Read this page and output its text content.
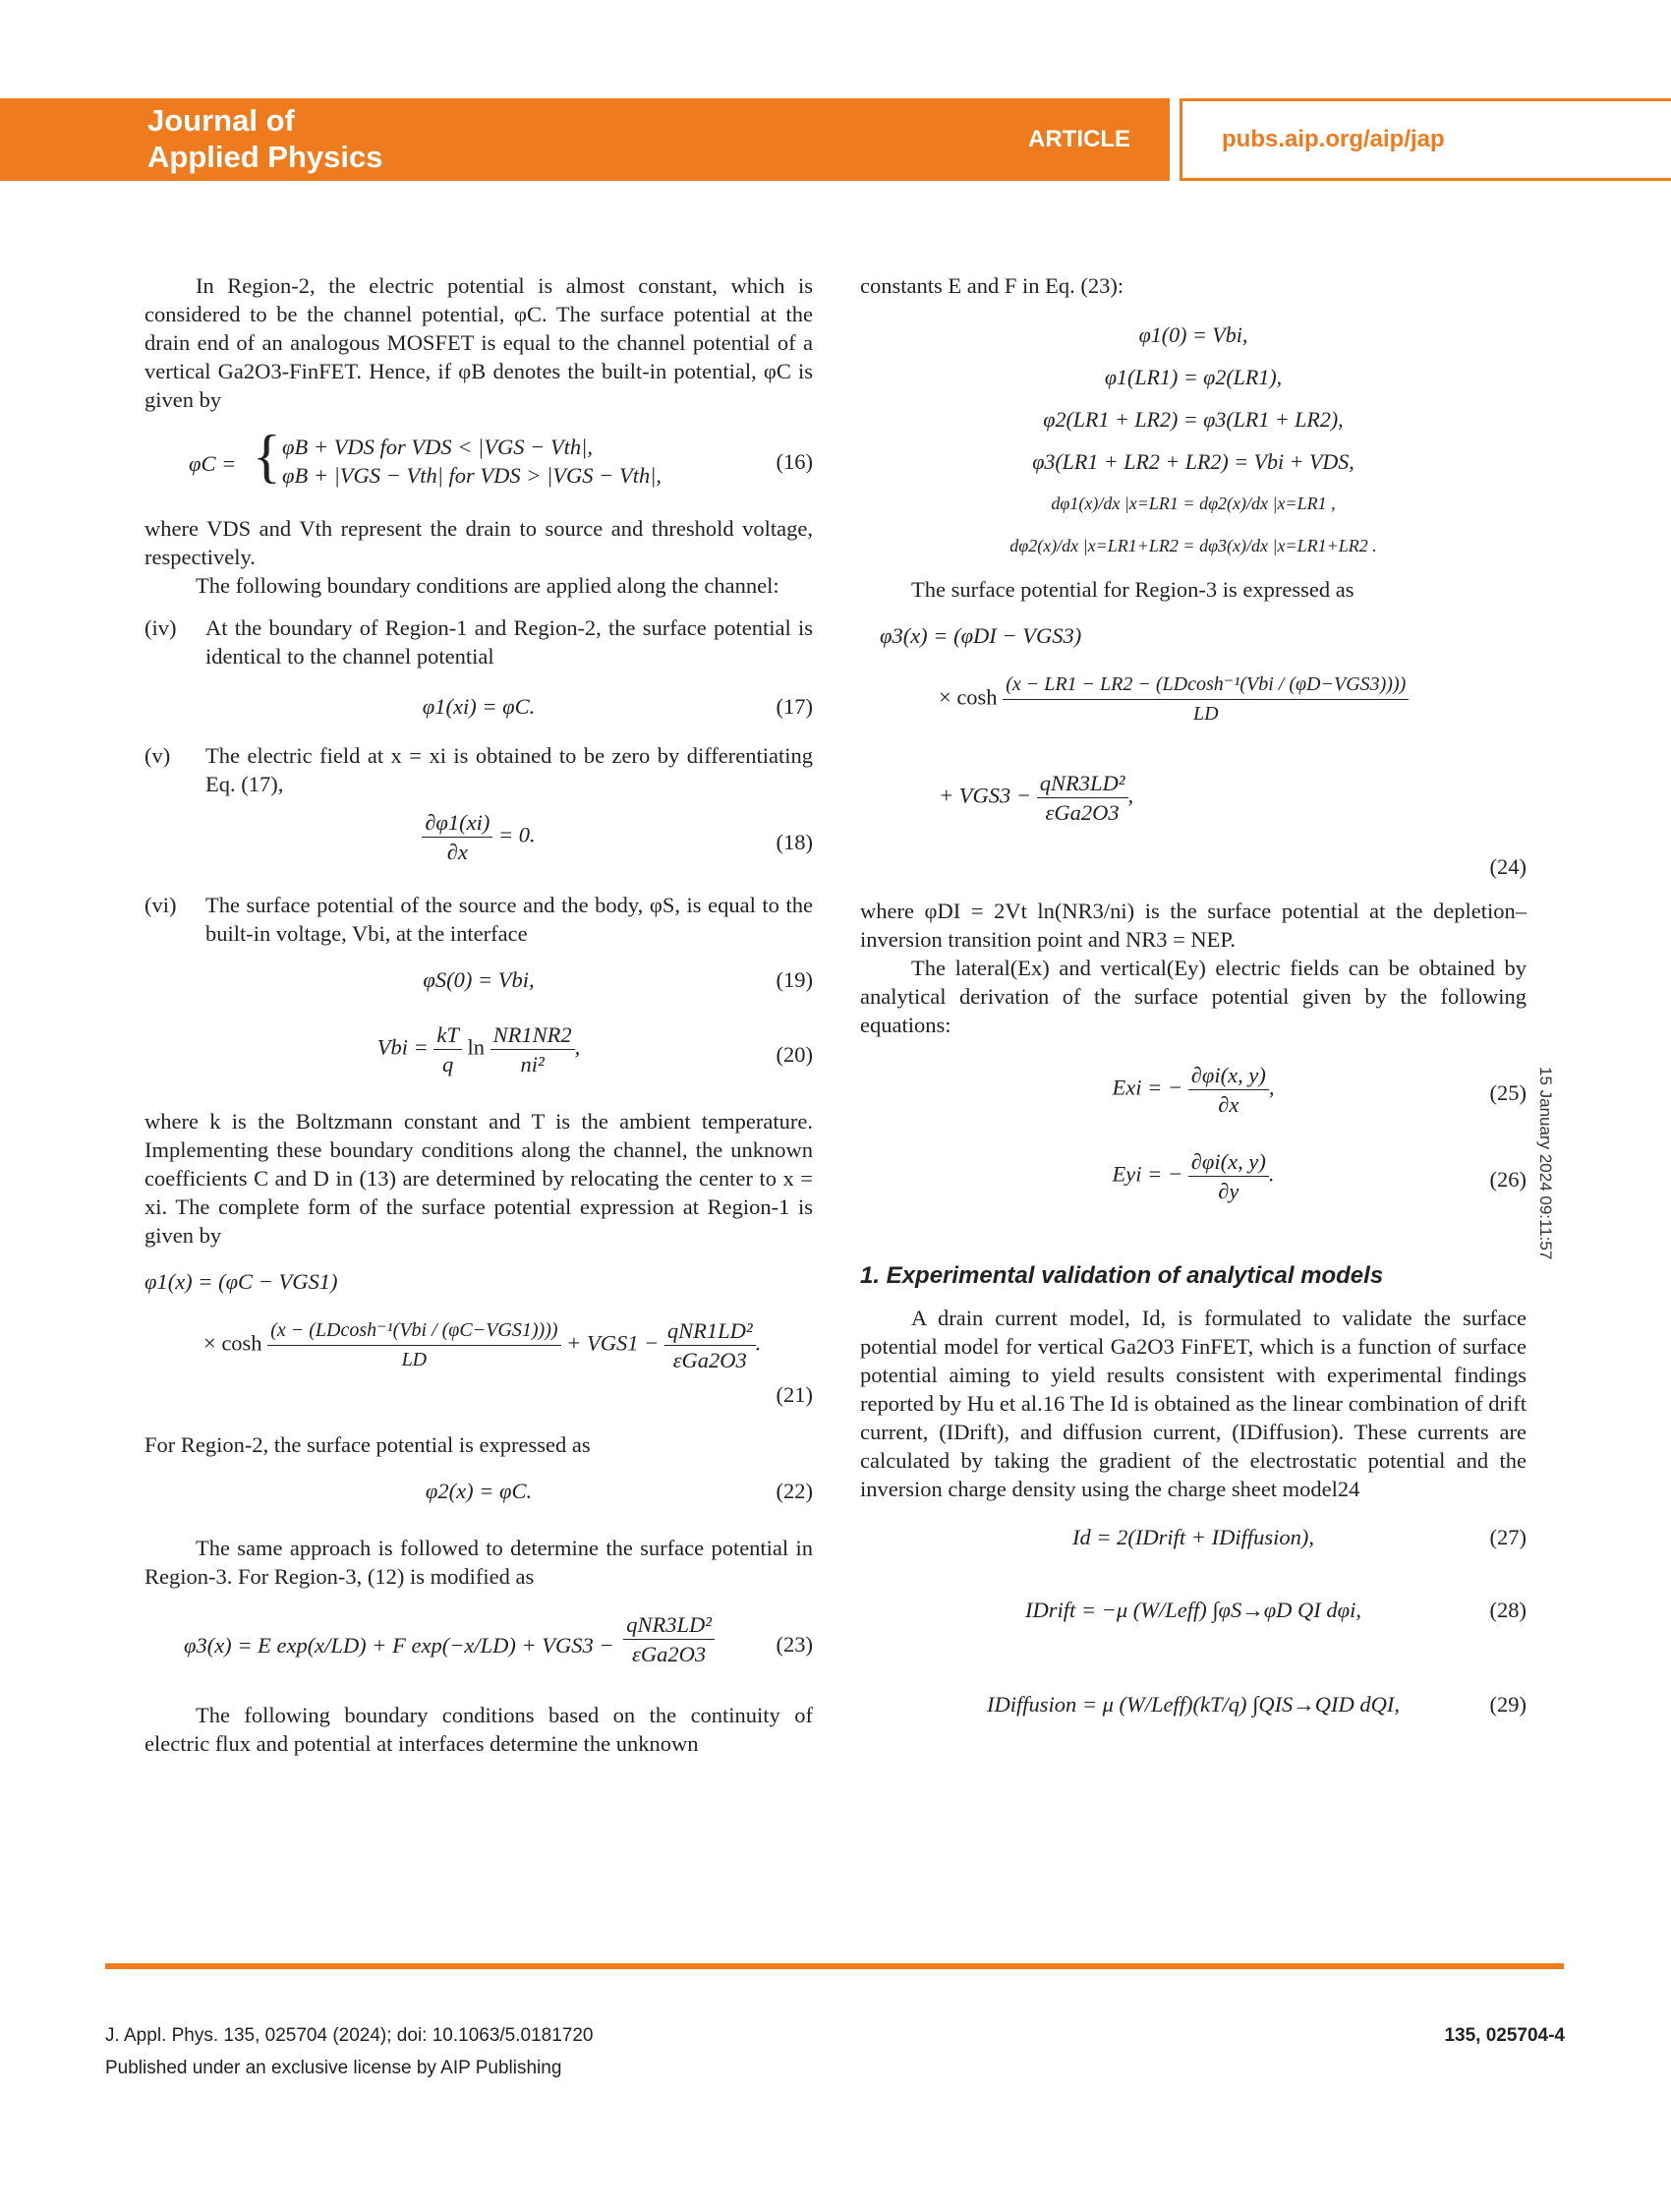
Journal of
Applied Physics
ARTICLE	pubs.aip.org/aip/jap

In Region-2, the electric potential is almost constant, which is considered to be the channel potential, φC. The surface potential at the drain end of an analogous MOSFET is equal to the channel potential of a vertical Ga2O3-FinFET. Hence, if φB denotes the built-in potential, φC is given by

φC = { φB + VDS for VDS < |VGS − Vth|,
φB + |VGS − Vth| for VDS > |VGS − Vth|,
(16)

where VDS and Vth represent the drain to source and threshold voltage, respectively.

The following boundary conditions are applied along the channel:

(iv) At the boundary of Region-1 and Region-2, the surface potential is identical to the channel potential
φ1(xi) = φC.	(17)
(v) The electric field at x = xi is obtained to be zero by differentiating Eq. (17),
$\frac{\partial\varphi 1(xi)}{\partial x} = 0$.	(18)
(vi) The surface potential of the source and the body, φS, is equal to the built-in voltage, Vbi, at the interface
φS(0) = Vbi,	(19)
Vbi = $\frac{kT}{q}$ $\ln \frac{NR1NR2}{\text{ni²}}$ ,	(20)

where k is the Boltzmann constant and T is the ambient temperature. Implementing these boundary conditions along the channel, the unknown coefficients C and D in (13) are determined by relocating the center to x = xi. The complete form of the surface potential expression at Region-1 is given by

φ1(x) = (φC − VGS1)
× $\cosh \frac{\text{(x − (LDcosh⁻¹(Vbi / (φC−VGS1))))}}{LD} + VGS1 - \frac{\text{qNR1LD²}}{\text{εGa2O3}}$ .
(21)

For Region-2, the surface potential is expressed as

φ2(x) = φC.	(22)

The same approach is followed to determine the surface potential in Region-3. For Region-3, (12) is modified as

φ3(x) = E exp(x/LD) + F $\exp(-x/LD) + VGS3 - \frac{\text{qNR3LD²}}{\text{εGa2O3}}$	(23)

The following boundary conditions based on the continuity of electric flux and potential at interfaces determine the unknown

constants E and F in Eq. (23):

φ1(0) = Vbi,
φ1(LR1) = φ2(LR1),
φ2(LR1 + LR2) = φ3(LR1 + LR2),
φ3(LR1 + LR2 + LR2) = Vbi + VDS,
dφ1(x)/dx |x=LR1 = dφ2(x)/dx |x=LR1 ,
dφ2(x)/dx |x=LR1+LR2 = dφ3(x)/dx |x=LR1+LR2 .

The surface potential for Region-3 is expressed as

φ3(x) = (φDI − VGS3)
× $\cosh \frac{\text{(x − LR1 − LR2 − (LDcosh⁻¹(Vbi / (φD−VGS3))))}}{LD}$
+ $VGS3 - \frac{\text{qNR3LD²}}{\text{εGa2O3}}$ ,
(24)

where φDI = 2Vt ln(NR3/ni) is the surface potential at the depletion–inversion transition point and NR3 = NEP.

The lateral(Ex) and vertical(Ey) electric fields can be obtained by analytical derivation of the surface potential given by the following equations:

Exi = − $\frac{\partial\varphi i(x, y)}{\partial x}$ ,	(25)
Eyi = − $\frac{\partial\varphi i(x, y)}{\partial y}$ .	(26)
1. Experimental validation of analytical models

A drain current model, Id, is formulated to validate the surface potential model for vertical Ga2O3 FinFET, which is a function of surface potential aiming to yield results consistent with experimental findings reported by Hu et al.16 The Id is obtained as the linear combination of drift current, (IDrift), and diffusion current, (IDiffusion). These currents are calculated by taking the gradient of the electrostatic potential and the inversion charge density using the charge sheet model24

Id = 2(IDrift + IDiffusion),	(27)
IDrift = −μ (W/Leff) ∫φS→φD QI dφi,	(28)
IDiffusion = μ (W/Leff)(kT/q) ∫QIS→QID dQI,	(29)
15 January 2024 09:11:57
J. Appl. Phys. 135, 025704 (2024); doi: 10.1063/5.0181720
Published under an exclusive license by AIP Publishing
135, 025704-4
